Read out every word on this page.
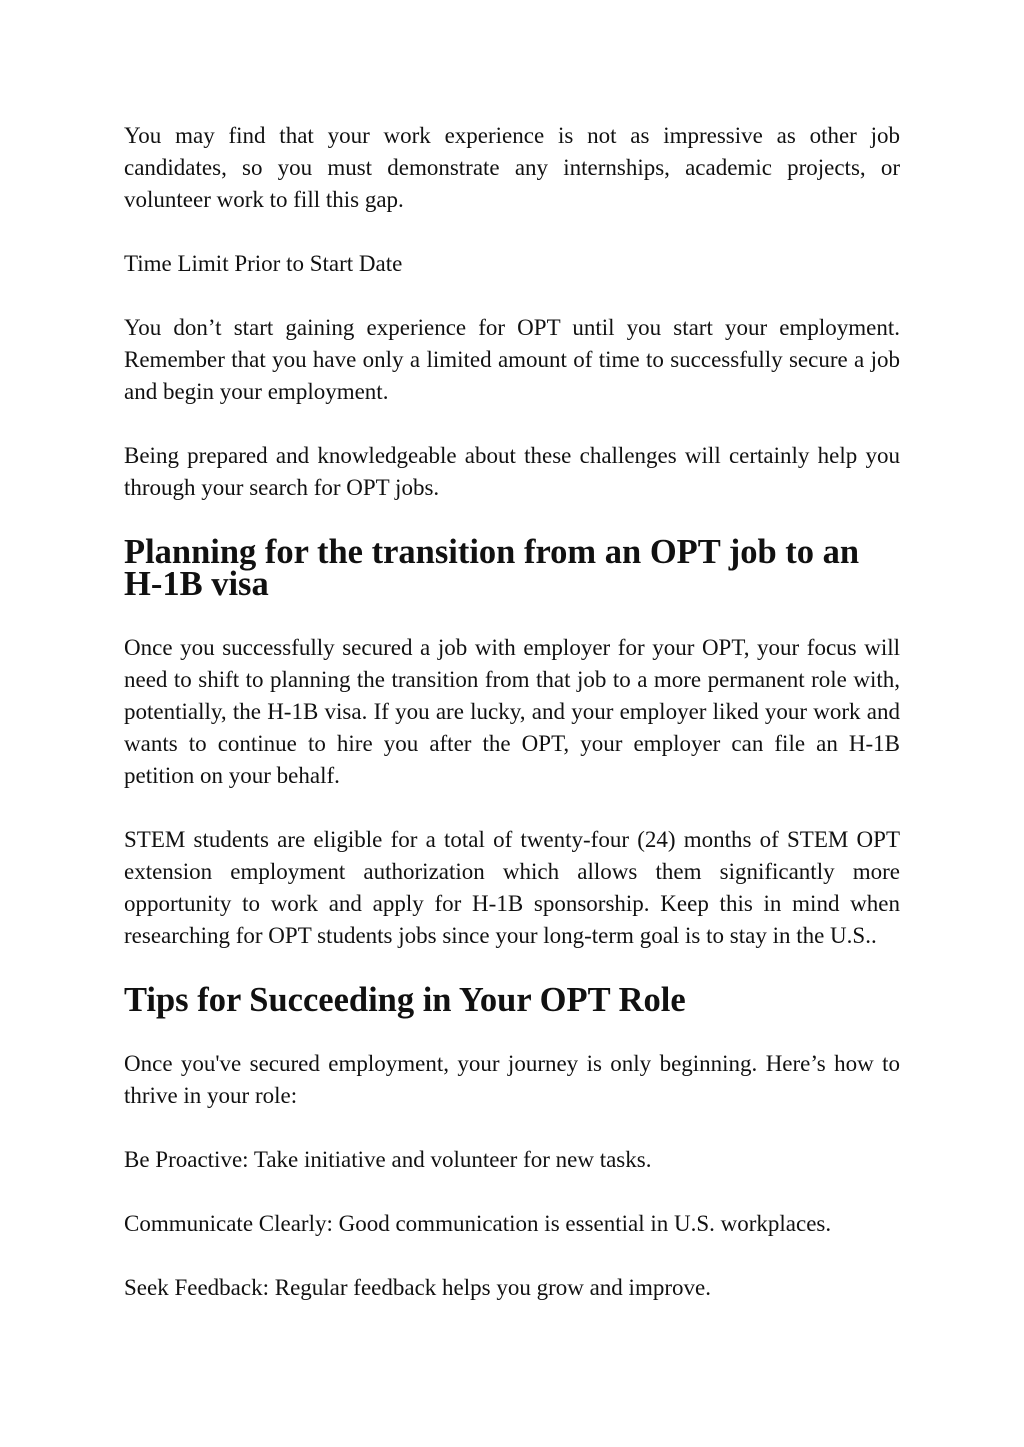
You may find that your work experience is not as impressive as other job candidates, so you must demonstrate any internships, academic projects, or volunteer work to fill this gap.

Time Limit Prior to Start Date

You don’t start gaining experience for OPT until you start your employment. Remember that you have only a limited amount of time to successfully secure a job and begin your employment.

Being prepared and knowledgeable about these challenges will certainly help you through your search for OPT jobs.

Planning for the transition from an OPT job to an H-1B visa

Once you successfully secured a job with employer for your OPT, your focus will need to shift to planning the transition from that job to a more permanent role with, potentially, the H-1B visa. If you are lucky, and your employer liked your work and wants to continue to hire you after the OPT, your employer can file an H-1B petition on your behalf.

STEM students are eligible for a total of twenty-four (24) months of STEM OPT extension employment authorization which allows them significantly more opportunity to work and apply for H-1B sponsorship. Keep this in mind when researching for OPT students jobs since your long-term goal is to stay in the U.S..

Tips for Succeeding in Your OPT Role

Once you've secured employment, your journey is only beginning. Here’s how to thrive in your role:

Be Proactive: Take initiative and volunteer for new tasks.

Communicate Clearly: Good communication is essential in U.S. workplaces.

Seek Feedback: Regular feedback helps you grow and improve.
